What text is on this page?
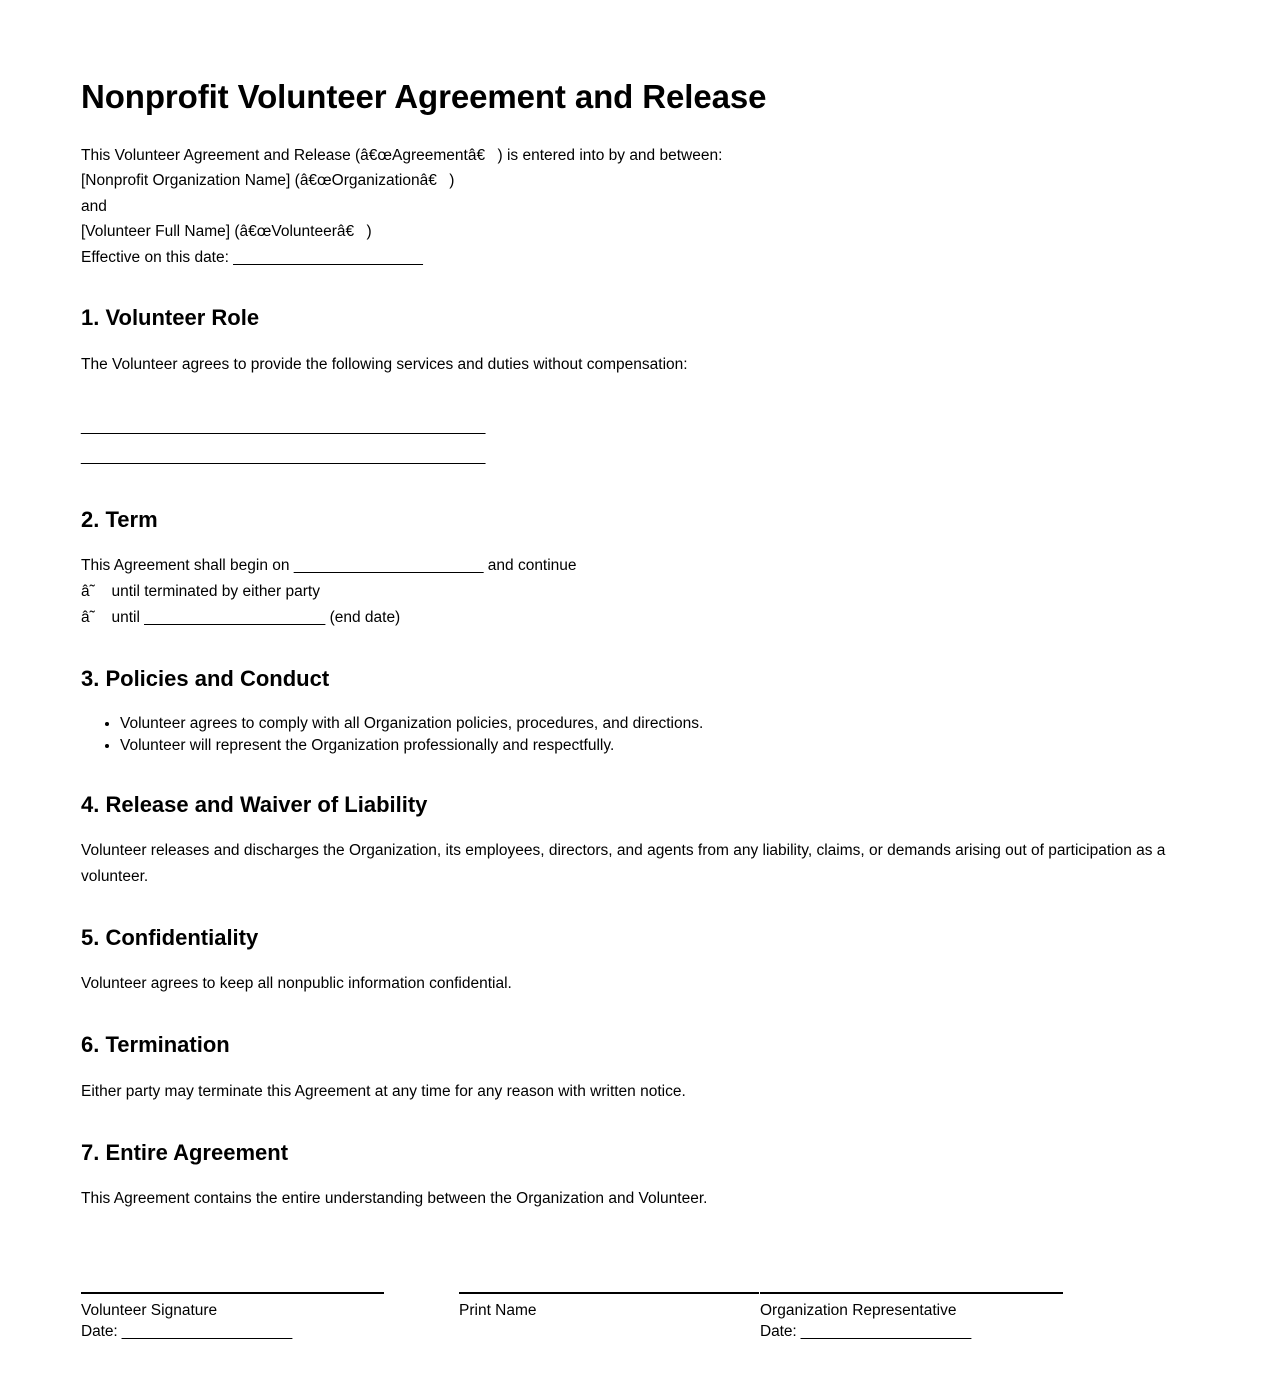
Nonprofit Volunteer Agreement and Release
This Volunteer Agreement and Release (â€œAgreementâ€) is entered into by and between:
[Nonprofit Organization Name] (â€œOrganizationâ€)
and
[Volunteer Full Name] (â€œVolunteerâ€)
Effective on this date: ______________________
1. Volunteer Role

The Volunteer agrees to provide the following services and duties without compensation:

________________________________________________
________________________________________________
2. Term
This Agreement shall begin on ______________________ and continue
â˜ until terminated by either party
â˜ until _____________________ (end date)
3. Policies and Conduct
• Volunteer agrees to comply with all Organization policies, procedures, and directions.
• Volunteer will represent the Organization professionally and respectfully.
4. Release and Waiver of Liability

Volunteer releases and discharges the Organization, its employees, directors, and agents from any liability, claims, or demands arising out of participation as a volunteer.

5. Confidentiality

Volunteer agrees to keep all nonpublic information confidential.

6. Termination

Either party may terminate this Agreement at any time for any reason with written notice.

7. Entire Agreement

This Agreement contains the entire understanding between the Organization and Volunteer.

Volunteer Signature
Date: ____________________
Print Name	Organization Representative
Date: ____________________
